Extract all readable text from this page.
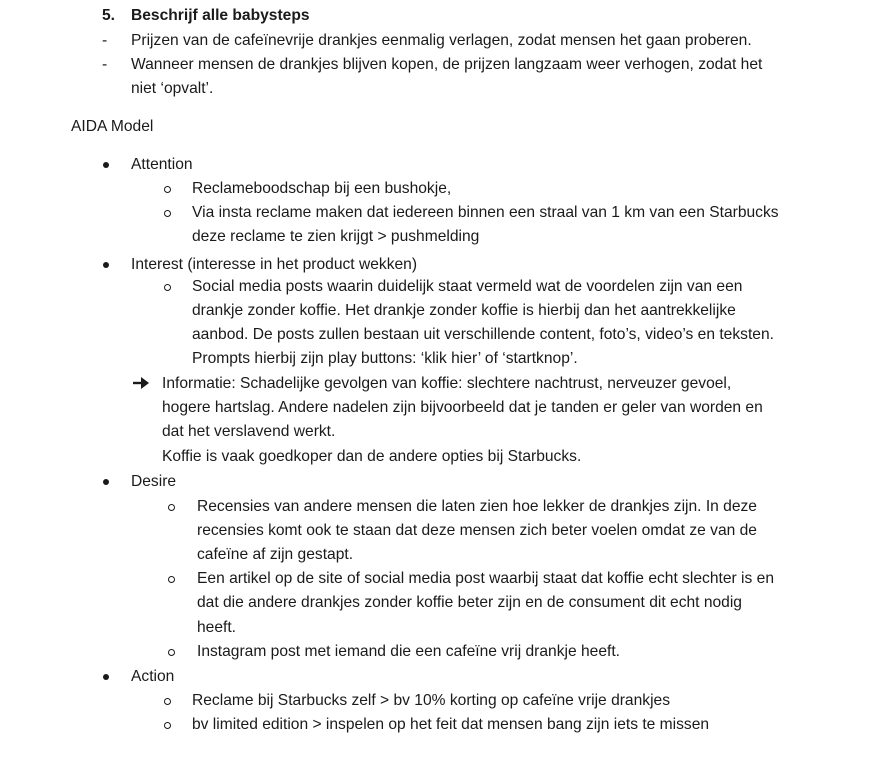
5. Beschrijf alle babysteps
- Prijzen van de cafeïnevrije drankjes eenmalig verlagen, zodat mensen het gaan proberen.
- Wanneer mensen de drankjes blijven kopen, de prijzen langzaam weer verhogen, zodat het
niet ‘opvalt’.
AIDA Model
Attention
Reclameboodschap bij een bushokje,
Via insta reclame maken dat iedereen binnen een straal van 1 km van een Starbucks
deze reclame te zien krijgt > pushmelding
Interest (interesse in het product wekken)
Social media posts waarin duidelijk staat vermeld wat de voordelen zijn van een
drankje zonder koffie. Het drankje zonder koffie is hierbij dan het aantrekkelijke
aanbod. De posts zullen bestaan uit verschillende content, foto’s, video’s en teksten.
Prompts hierbij zijn play buttons: ‘klik hier’ of ‘startknop’.
Informatie: Schadelijke gevolgen van koffie: slechtere nachtrust, nerveuzer gevoel,
hogere hartslag. Andere nadelen zijn bijvoorbeeld dat je tanden er geler van worden en
dat het verslavend werkt.
Koffie is vaak goedkoper dan de andere opties bij Starbucks.
Desire
Recensies van andere mensen die laten zien hoe lekker de drankjes zijn. In deze
recensies komt ook te staan dat deze mensen zich beter voelen omdat ze van de
cafeïne af zijn gestapt.
Een artikel op de site of social media post waarbij staat dat koffie echt slechter is en
dat die andere drankjes zonder koffie beter zijn en de consument dit echt nodig
heeft.
Instagram post met iemand die een cafeïne vrij drankje heeft.
Action
Reclame bij Starbucks zelf > bv 10% korting op cafeïne vrije drankjes
bv limited edition > inspelen op het feit dat mensen bang zijn iets te missen
